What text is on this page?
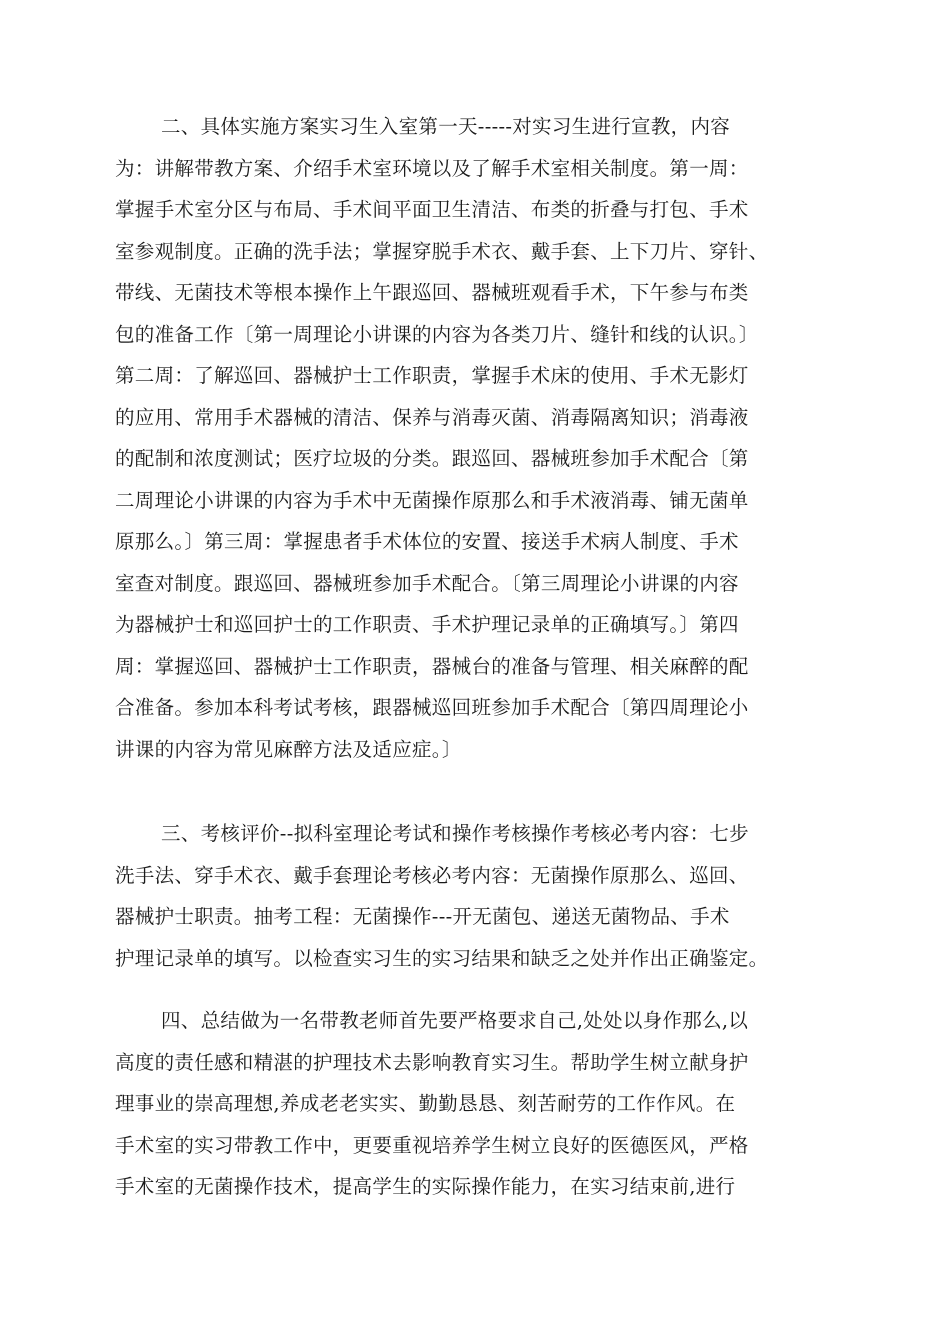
二、具体实施方案实习生入室第一天-----对实习生进行宣教，内容
为：讲解带教方案、介绍手术室环境以及了解手术室相关制度。第一周：
掌握手术室分区与布局、手术间平面卫生清洁、布类的折叠与打包、手术
室参观制度。正确的洗手法；掌握穿脱手术衣、戴手套、上下刀片、穿针、
带线、无菌技术等根本操作上午跟巡回、器械班观看手术，下午参与布类
包的准备工作〔第一周理论小讲课的内容为各类刀片、缝针和线的认识。〕
第二周：了解巡回、器械护士工作职责，掌握手术床的使用、手术无影灯
的应用、常用手术器械的清洁、保养与消毒灭菌、消毒隔离知识；消毒液
的配制和浓度测试；医疗垃圾的分类。跟巡回、器械班参加手术配合〔第
二周理论小讲课的内容为手术中无菌操作原那么和手术液消毒、铺无菌单
原那么。〕第三周：掌握患者手术体位的安置、接送手术病人制度、手术
室查对制度。跟巡回、器械班参加手术配合。〔第三周理论小讲课的内容
为器械护士和巡回护士的工作职责、手术护理记录单的正确填写。〕第四
周：掌握巡回、器械护士工作职责，器械台的准备与管理、相关麻醉的配
合准备。参加本科考试考核，跟器械巡回班参加手术配合〔第四周理论小
讲课的内容为常见麻醉方法及适应症。〕
三、考核评价--拟科室理论考试和操作考核操作考核必考内容：七步
洗手法、穿手术衣、戴手套理论考核必考内容：无菌操作原那么、巡回、
器械护士职责。抽考工程：无菌操作---开无菌包、递送无菌物品、手术
护理记录单的填写。以检查实习生的实习结果和缺乏之处并作出正确鉴定。
四、总结做为一名带教老师首先要严格要求自己,处处以身作那么,以
高度的责任感和精湛的护理技术去影响教育实习生。帮助学生树立献身护
理事业的崇高理想,养成老老实实、勤勤恳恳、刻苦耐劳的工作作风。在
手术室的实习带教工作中，更要重视培养学生树立良好的医德医风，严格
手术室的无菌操作技术，提高学生的实际操作能力，在实习结束前,进行
